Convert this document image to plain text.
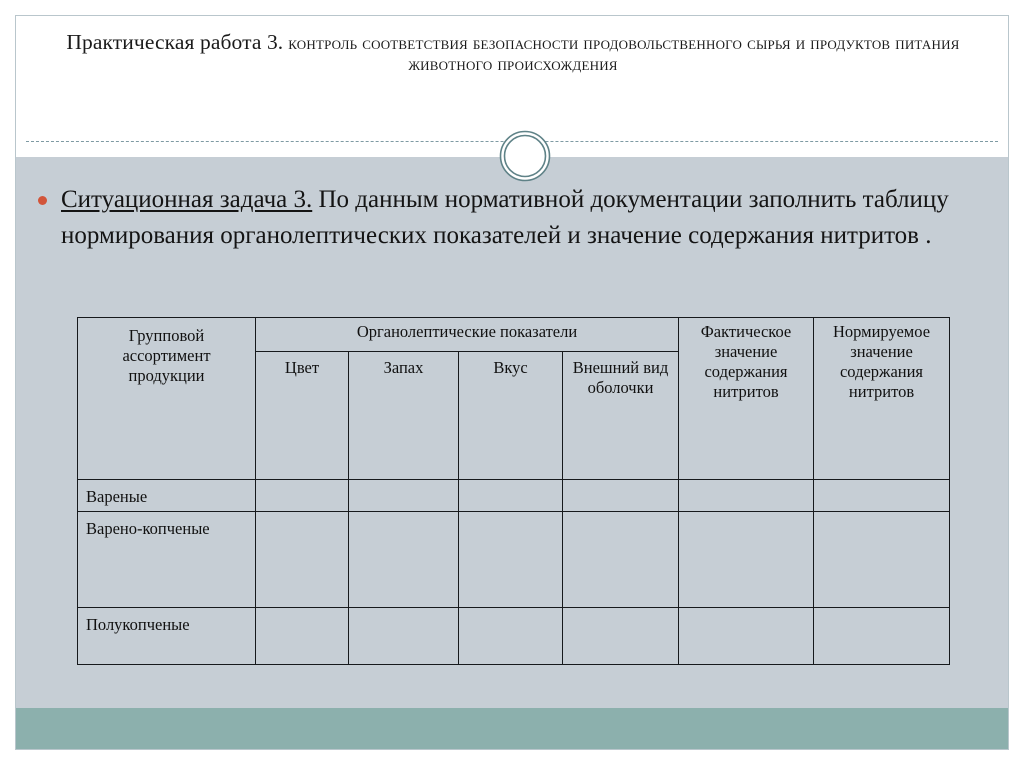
Практическая работа 3. контроль соответствия безопасности продовольственного сырья и продуктов питания животного происхождения
Ситуационная задача 3. По данным нормативной документации заполнить таблицу нормирования органолептических показателей и значение содержания нитритов .
Групповой ассортимент продукции	Органолептические показатели				Фактическое значение содержания нитритов	Нормируемое значение содержания нитритов
	Цвет	Запах	Вкус	Внешний вид оболочки		
Вареные						
Варено-копченые						
Полукопченые						
